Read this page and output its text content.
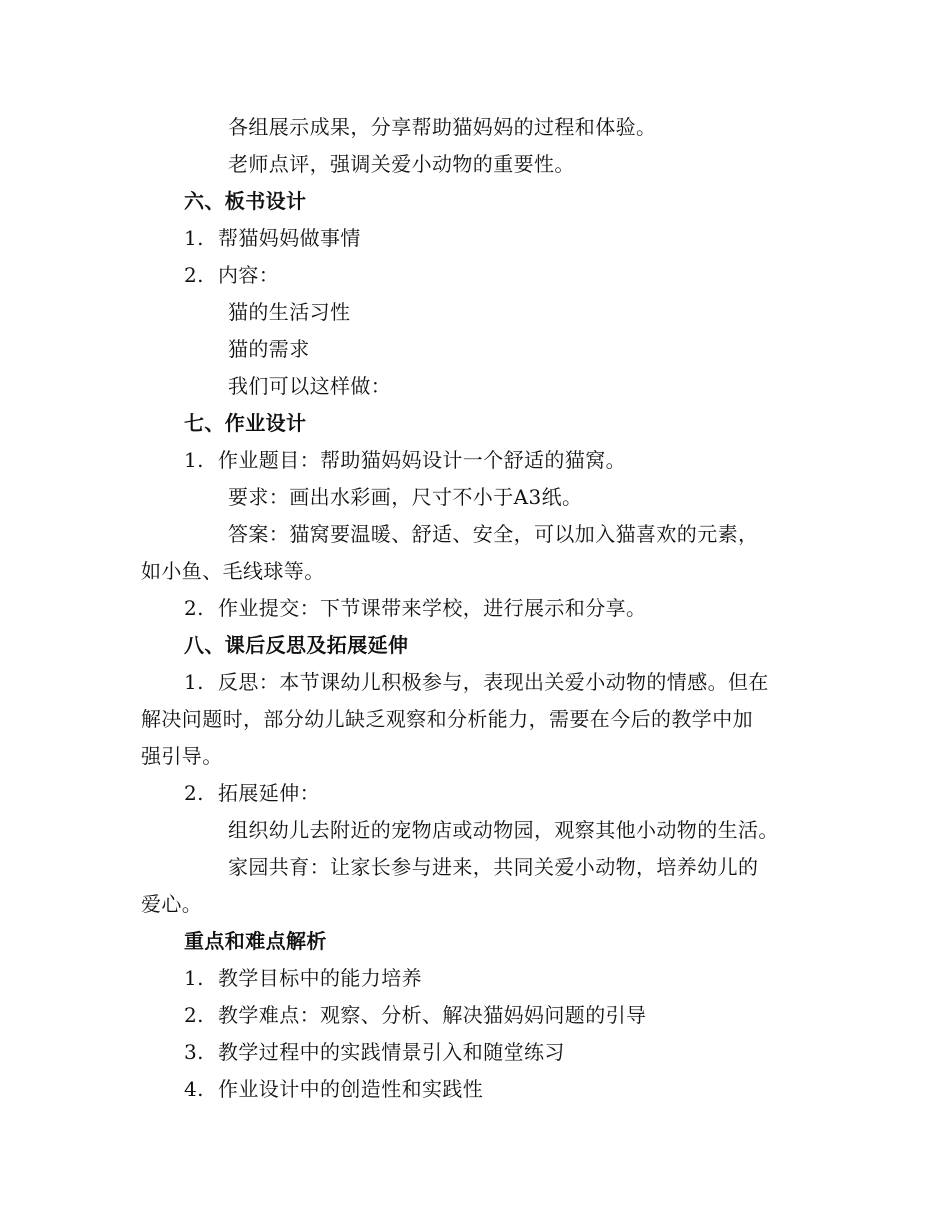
各组展示成果，分享帮助猫妈妈的过程和体验。
老师点评，强调关爱小动物的重要性。
六、板书设计
1. 帮猫妈妈做事情
2. 内容：
猫的生活习性
猫的需求
我们可以这样做：
七、作业设计
1. 作业题目：帮助猫妈妈设计一个舒适的猫窝。
要求：画出水彩画，尺寸不小于A3纸。
答案：猫窝要温暖、舒适、安全，可以加入猫喜欢的元素，
如小鱼、毛线球等。
2. 作业提交：下节课带来学校，进行展示和分享。
八、课后反思及拓展延伸
1. 反思：本节课幼儿积极参与，表现出关爱小动物的情感。但在
解决问题时，部分幼儿缺乏观察和分析能力，需要在今后的教学中加
强引导。
2. 拓展延伸：
组织幼儿去附近的宠物店或动物园，观察其他小动物的生活。
家园共育：让家长参与进来，共同关爱小动物，培养幼儿的
爱心。
重点和难点解析
1. 教学目标中的能力培养
2. 教学难点：观察、分析、解决猫妈妈问题的引导
3. 教学过程中的实践情景引入和随堂练习
4. 作业设计中的创造性和实践性
